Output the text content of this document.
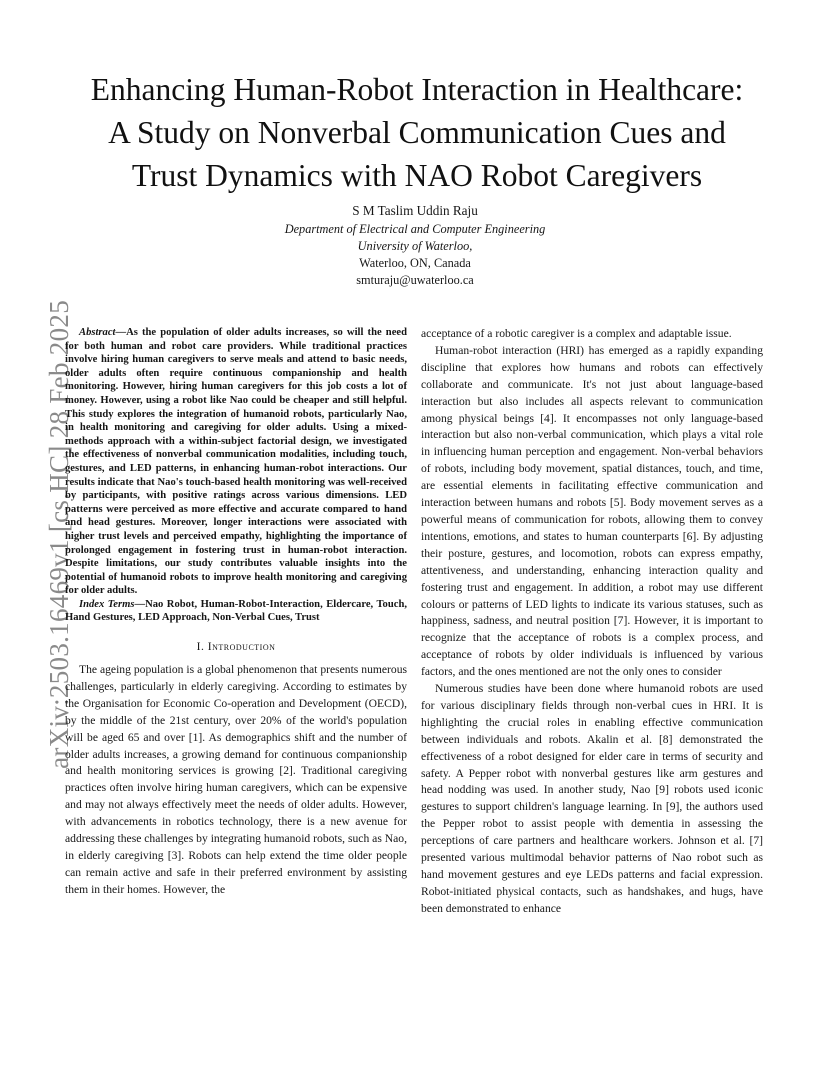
arXiv:2503.16469v1 [cs.HC] 28 Feb 2025
Enhancing Human-Robot Interaction in Healthcare:
A Study on Nonverbal Communication Cues and
Trust Dynamics with NAO Robot Caregivers
S M Taslim Uddin Raju
Department of Electrical and Computer Engineering
University of Waterloo,
Waterloo, ON, Canada
smturaju@uwaterloo.ca

Abstract—As the population of older adults increases, so will the need for both human and robot care providers. While traditional practices involve hiring human caregivers to serve meals and attend to basic needs, older adults often require continuous companionship and health monitoring. However, hiring human caregivers for this job costs a lot of money. However, using a robot like Nao could be cheaper and still helpful. This study explores the integration of humanoid robots, particularly Nao, in health monitoring and caregiving for older adults. Using a mixed-methods approach with a within-subject factorial design, we investigated the effectiveness of nonverbal communication modalities, including touch, gestures, and LED patterns, in enhancing human-robot interactions. Our results indicate that Nao's touch-based health monitoring was well-received by participants, with positive ratings across various dimensions. LED patterns were perceived as more effective and accurate compared to hand and head gestures. Moreover, longer interactions were associated with higher trust levels and perceived empathy, highlighting the importance of prolonged engagement in fostering trust in human-robot interaction. Despite limitations, our study contributes valuable insights into the potential of humanoid robots to improve health monitoring and caregiving for older adults.

Index Terms—Nao Robot, Human-Robot-Interaction, Eldercare, Touch, Hand Gestures, LED Approach, Non-Verbal Cues, Trust

I. Introduction

The ageing population is a global phenomenon that presents numerous challenges, particularly in elderly caregiving. According to estimates by the Organisation for Economic Co-operation and Development (OECD), by the middle of the 21st century, over 20% of the world's population will be aged 65 and over [1]. As demographics shift and the number of older adults increases, a growing demand for continuous companionship and health monitoring services is growing [2]. Traditional caregiving practices often involve hiring human caregivers, which can be expensive and may not always effectively meet the needs of older adults. However, with advancements in robotics technology, there is a new avenue for addressing these challenges by integrating humanoid robots, such as Nao, in elderly caregiving [3]. Robots can help extend the time older people can remain active and safe in their preferred environment by assisting them in their homes. However, the

acceptance of a robotic caregiver is a complex and adaptable issue.

Human-robot interaction (HRI) has emerged as a rapidly expanding discipline that explores how humans and robots can effectively collaborate and communicate. It's not just about language-based interaction but also includes all aspects relevant to communication among physical beings [4]. It encompasses not only language-based interaction but also non-verbal communication, which plays a vital role in influencing human perception and engagement. Non-verbal behaviors of robots, including body movement, spatial distances, touch, and time, are essential elements in facilitating effective communication and interaction between humans and robots [5]. Body movement serves as a powerful means of communication for robots, allowing them to convey intentions, emotions, and states to human counterparts [6]. By adjusting their posture, gestures, and locomotion, robots can express empathy, attentiveness, and understanding, enhancing interaction quality and fostering trust and engagement. In addition, a robot may use different colours or patterns of LED lights to indicate its various statuses, such as happiness, sadness, and neutral position [7]. However, it is important to recognize that the acceptance of robots is a complex process, and acceptance of robots by older individuals is influenced by various factors, and the ones mentioned are not the only ones to consider

Numerous studies have been done where humanoid robots are used for various disciplinary fields through non-verbal cues in HRI. It is highlighting the crucial roles in enabling effective communication between individuals and robots. Akalin et al. [8] demonstrated the effectiveness of a robot designed for elder care in terms of security and safety. A Pepper robot with nonverbal gestures like arm gestures and head nodding was used. In another study, Nao [9] robots used iconic gestures to support children's language learning. In [9], the authors used the Pepper robot to assist people with dementia in assessing the perceptions of care partners and healthcare workers. Johnson et al. [7] presented various multimodal behavior patterns of Nao robot such as hand movement gestures and eye LEDs patterns and facial expression. Robot-initiated physical contacts, such as handshakes, and hugs, have been demonstrated to enhance
